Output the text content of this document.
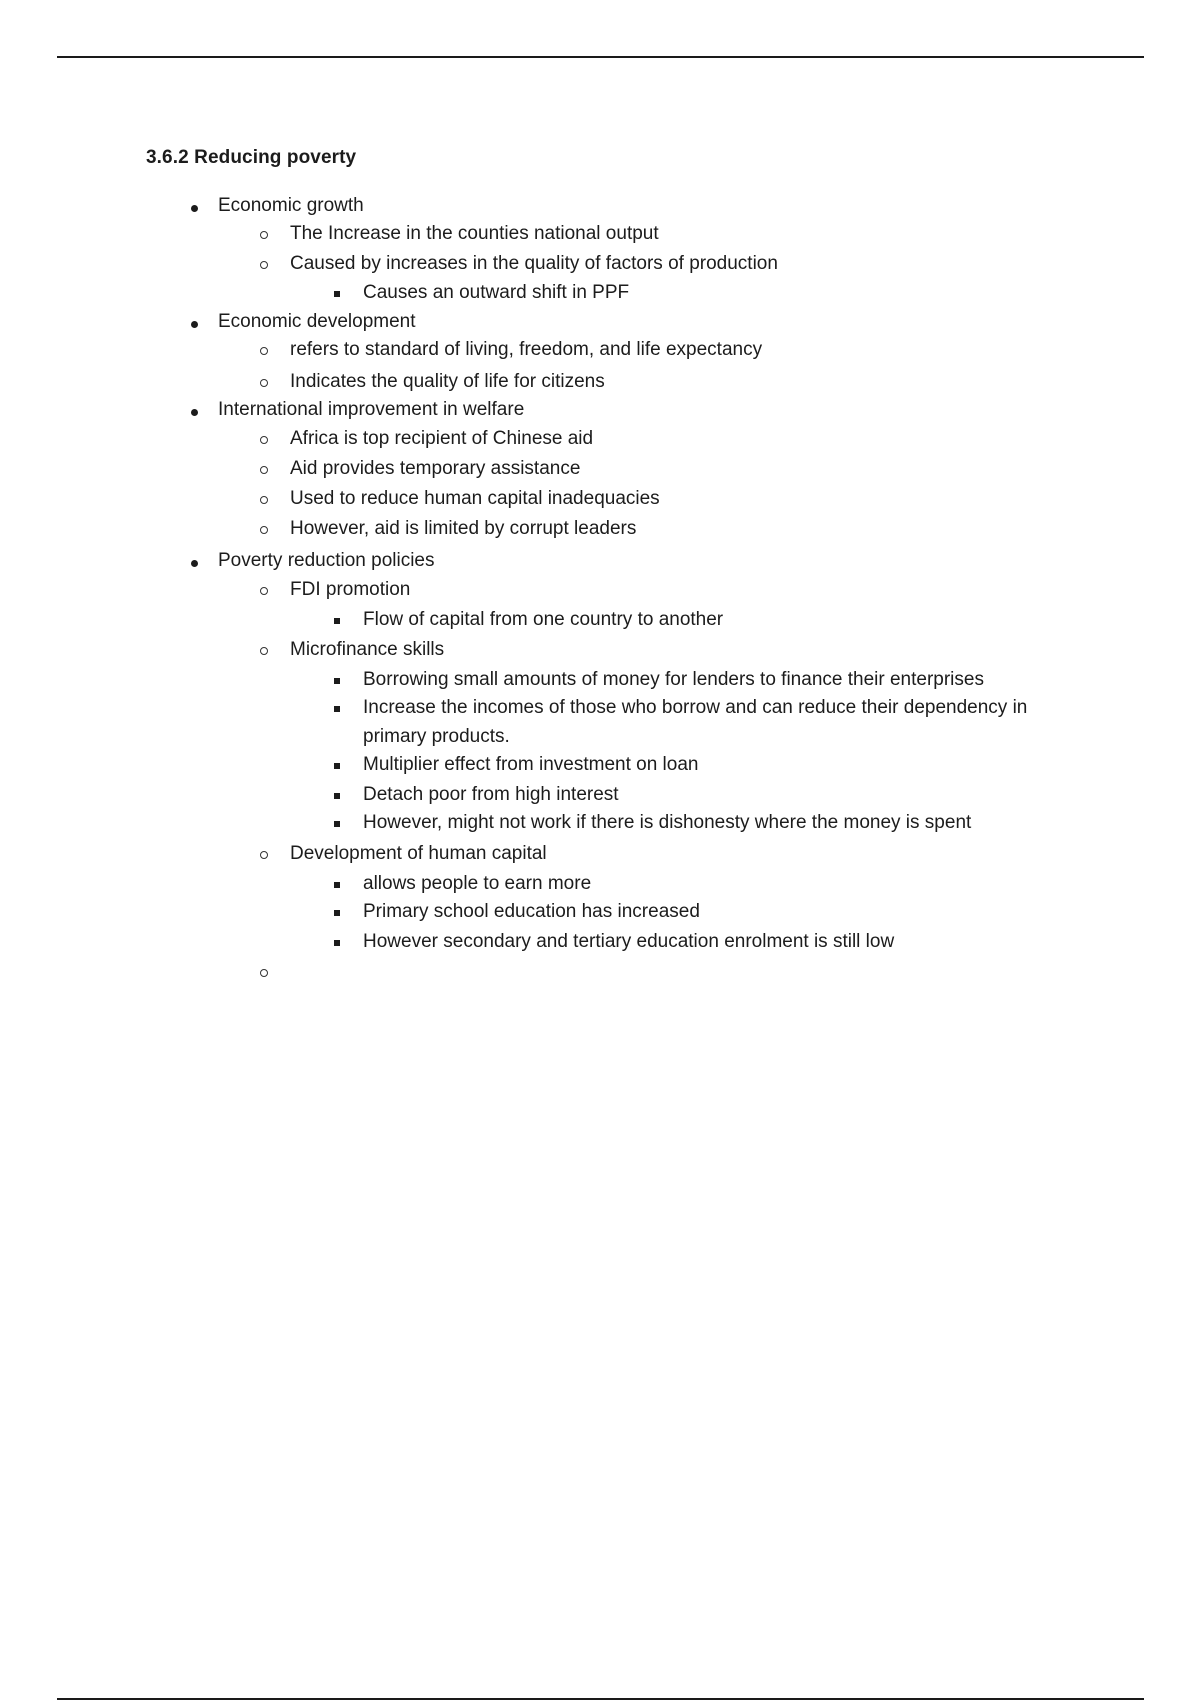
3.6.2 Reducing poverty
Economic growth
The Increase in the counties national output
Caused by increases in the quality of factors of production
Causes an outward shift in PPF
Economic development
refers to standard of living, freedom, and life expectancy
Indicates the quality of life for citizens
International improvement in welfare
Africa is top recipient of Chinese aid
Aid provides temporary assistance
Used to reduce human capital inadequacies
However, aid is limited by corrupt leaders
Poverty reduction policies
FDI promotion
Flow of capital from one country to another
Microfinance skills
Borrowing small amounts of money for lenders to finance their enterprises
Increase the incomes of those who borrow and can reduce their dependency in
primary products.
Multiplier effect from investment on loan
Detach poor from high interest
However, might not work if there is dishonesty where the money is spent
Development of human capital
allows people to earn more
Primary school education has increased
However secondary and tertiary education enrolment is still low
